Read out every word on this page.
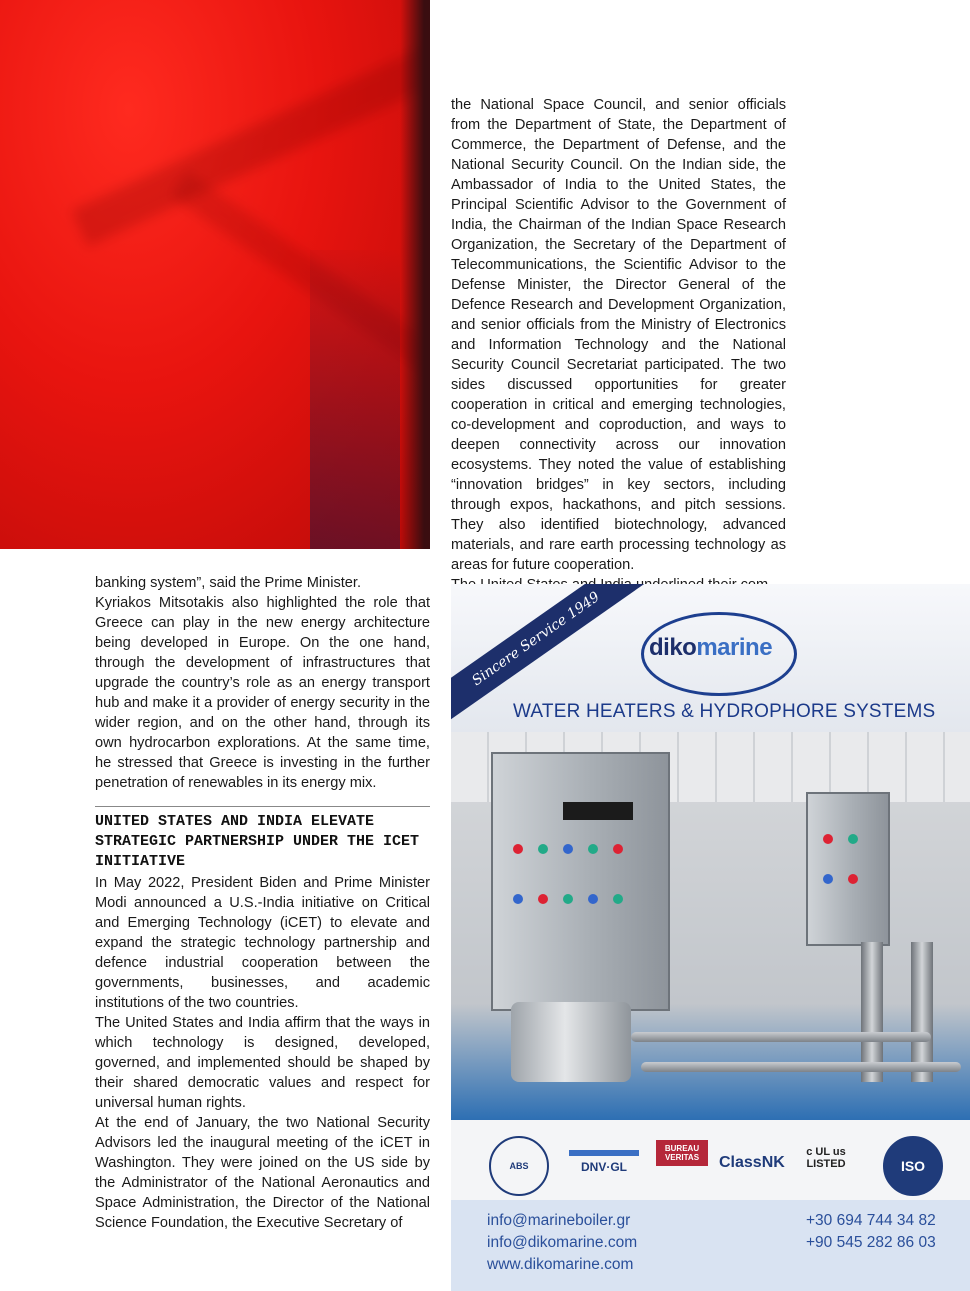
the National Space Council, and senior officials from the Department of State, the Department of Commerce, the Department of Defense, and the National Security Council. On the Indian side, the Ambassador of India to the United States, the Principal Scientific Advisor to the Government of India, the Chairman of the Indian Space Research Organization, the Secretary of the Department of Telecommunications, the Scientific Advisor to the Defense Minister, the Director General of the Defence Research and Development Organization, and senior officials from the Ministry of Electronics and Information Technology and the National Security Council Secretariat participated. The two sides discussed opportunities for greater cooperation in critical and emerging technologies, co-development and coproduction, and ways to deepen connectivity across our innovation ecosystems. They noted the value of establishing “innovation bridges” in key sectors, including through expos, hackathons, and pitch sessions. They also identified biotechnology, advanced materials, and rare earth processing technology as areas for future cooperation.

banking system”, said the Prime Minister.

Kyriakos Mitsotakis also highlighted the role that Greece can play in the new energy architecture being developed in Europe. On the one hand, through the development of infrastructures that upgrade the country’s role as an energy transport hub and make it a provider of energy security in the wider region, and on the other hand, through its own hydrocarbon explorations. At the same time, he stressed that Greece is investing in the further penetration of renewables in its energy mix.

UNITED STATES AND INDIA ELEVATE STRATEGIC PARTNERSHIP UNDER THE ICET INITIATIVE

In May 2022, President Biden and Prime Minister Modi announced a U.S.-India initiative on Critical and Emerging Technology (iCET) to elevate and expand the strategic technology partnership and defence industrial cooperation between the governments, businesses, and academic institutions of the two countries.

The United States and India affirm that the ways in which technology is designed, developed, governed, and implemented should be shaped by their shared democratic values and respect for universal human rights.

At the end of January, the two National Security Advisors led the inaugural meeting of the iCET in Washington. They were joined on the US side by the Administrator of the National Aeronautics and Space Administration, the Director of the National Science Foundation, the Executive Secretary of

Sincere Service 1949	dikomarine
WATER HEATERS & HYDROPHORE SYSTEMS
ABS	DNV·GL
BUREAU VERITAS	ClassNK
c UL us LISTED	ISO
info@marineboiler.gr
info@dikomarine.com
www.dikomarine.com
+30 694 744 34 82
+90 545 282 86 03
